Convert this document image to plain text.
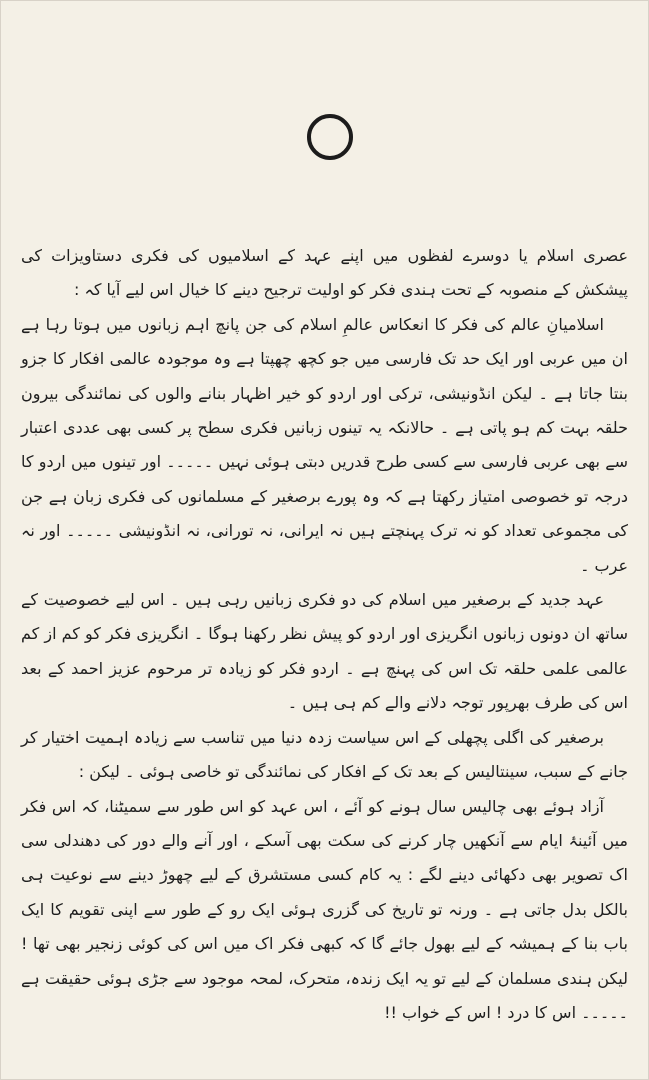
عصری اسلام یا دوسرے لفظوں میں اپنے عہد کے اسلامیوں کی فکری دستاویزات کی پیشکش کے منصوبہ کے تحت ہندی فکر کو اولیت ترجیح دینے کا خیال اس لیے آیا کہ :

اسلامیانِ عالم کی فکر کا انعکاس عالمِ اسلام کی جن پانچ اہم زبانوں میں ہوتا رہا ہے ان میں عربی اور ایک حد تک فارسی میں جو کچھ چھپتا ہے وہ موجودہ عالمی افکار کا جزو بنتا جاتا ہے ۔ لیکن انڈونیشی، ترکی اور اردو کو خیر اظہار بنانے والوں کی نمائندگی بیرون حلقہ بہت کم ہو پاتی ہے ۔ حالانکہ یہ تینوں زبانیں فکری سطح پر کسی بھی عددی اعتبار سے بھی عربی فارسی سے کسی طرح قدریں دبتی ہوئی نہیں ۔۔۔۔۔ اور تینوں میں اردو کا درجہ تو خصوصی امتیاز رکھتا ہے کہ وہ پورے برصغیر کے مسلمانوں کی فکری زبان ہے جن کی مجموعی تعداد کو نہ ترک پہنچتے ہیں نہ ایرانی، نہ تورانی، نہ انڈونیشی ۔۔۔۔۔ اور نہ عرب ۔

عہد جدید کے برصغیر میں اسلام کی دو فکری زبانیں رہی ہیں ۔ اس لیے خصوصیت کے ساتھ ان دونوں زبانوں انگریزی اور اردو کو پیش نظر رکھنا ہوگا ۔ انگریزی فکر کو کم از کم عالمی علمی حلقہ تک اس کی پہنچ ہے ۔ اردو فکر کو زیادہ تر مرحوم عزیز احمد کے بعد اس کی طرف بھرپور توجہ دلانے والے کم ہی ہیں ۔

برصغیر کی اگلی پچھلی کے اس سیاست زدہ دنیا میں تناسب سے زیادہ اہمیت اختیار کر جانے کے سبب، سینتالیس کے بعد تک کے افکار کی نمائندگی تو خاصی ہوئی ۔ لیکن :

آزاد ہوئے بھی چالیس سال ہونے کو آئے ، اس عہد کو اس طور سے سمیٹنا، کہ اس فکر میں آئینۂ ایام سے آنکھیں چار کرنے کی سکت بھی آسکے ، اور آنے والے دور کی دھندلی سی اک تصویر بھی دکھائی دینے لگے : یہ کام کسی مستشرق کے لیے چھوڑ دینے سے نوعیت ہی بالکل بدل جاتی ہے ۔ ورنہ تو تاریخ کی گزری ہوئی ایک رو کے طور سے اپنی تقویم کا ایک باب بنا کے ہمیشہ کے لیے بھول جائے گا کہ کبھی فکر اک میں اس کی کوئی زنجیر بھی تھا ! لیکن ہندی مسلمان کے لیے تو یہ ایک زندہ، متحرک، لمحہ موجود سے جڑی ہوئی حقیقت ہے ۔۔۔۔۔ اس کا درد ! اس کے خواب !!
